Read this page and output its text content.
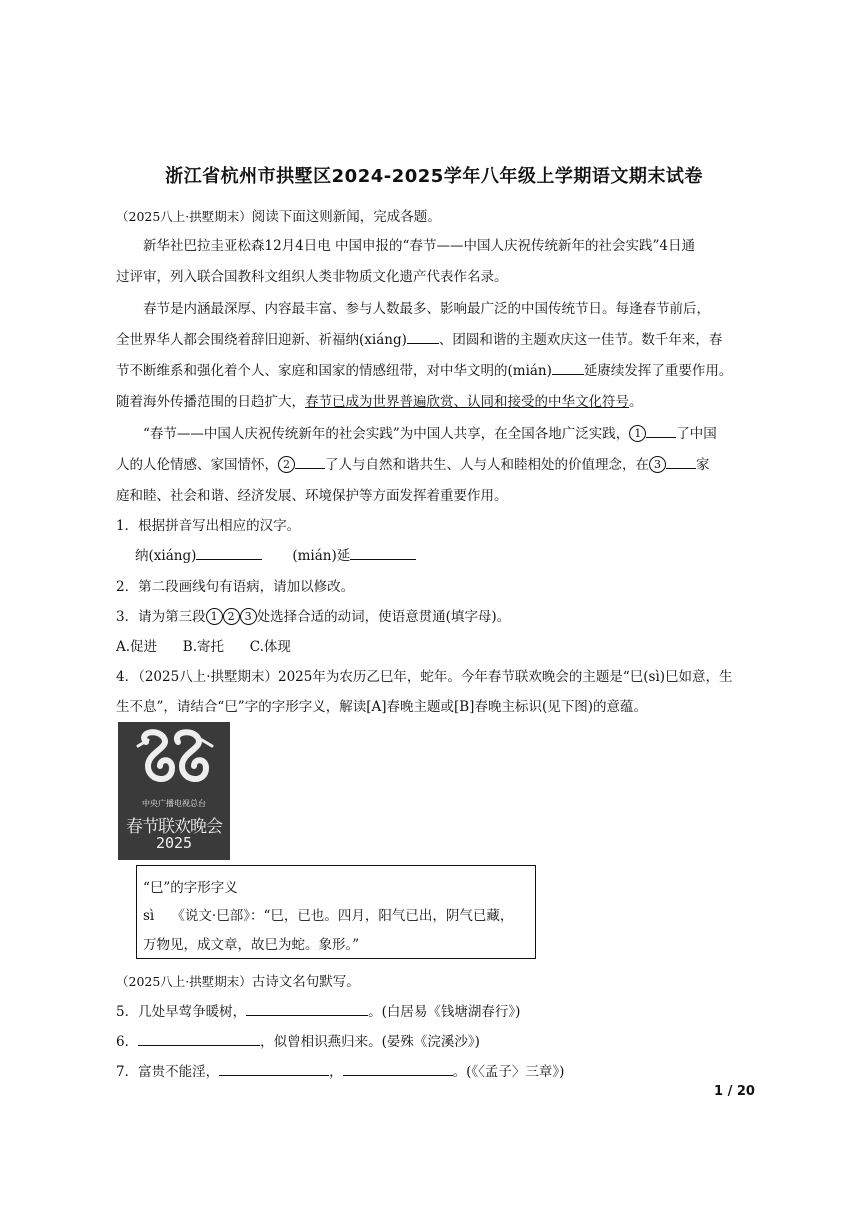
浙江省杭州市拱墅区2024-2025学年八年级上学期语文期末试卷
（2025八上·拱墅期末）阅读下面这则新闻，完成各题。
新华社巴拉圭亚松森12月4日电 中国申报的“春节——中国人庆祝传统新年的社会实践”4日通
过评审，列入联合国教科文组织人类非物质文化遗产代表作名录。
春节是内涵最深厚、内容最丰富、参与人数最多、影响最广泛的中国传统节日。每逢春节前后，
全世界华人都会围绕着辞旧迎新、祈福纳(xiáng) 、团圆和谐的主题欢庆这一佳节。数千年来，春
节不断维系和强化着个人、家庭和国家的情感纽带，对中华文明的(mián) 延赓续发挥了重要作用。
随着海外传播范围的日趋扩大，春节已成为世界普遍欣赏、认同和接受的中华文化符号。
“春节——中国人庆祝传统新年的社会实践”为中国人共享，在全国各地广泛实践， 1	了中国
人的人伦情感、家国情怀， 2	了人与自然和谐共生、人与人和睦相处的价值理念，在 3	家
庭和睦、社会和谐、经济发展、环境保护等方面发挥着重要作用。
1．根据拼音写出相应的汉字。
纳(xiáng)	(mián)延
2．第二段画线句有语病，请加以修改。
3．请为第三段 1 2 3 处选择合适的动词，使语意贯通(填字母)。
A.促进      B.寄托      C.体现
4．（2025八上·拱墅期末）2025年为农历乙巳年，蛇年。今年春节联欢晚会的主题是“巳(sì)巳如意，生
生不息”，请结合“巳”字的字形字义，解读[A]春晚主题或[B]春晚主标识(见下图)的意蕴。
中央广播电视总台
春节联欢晚会
2025
“巳”的字形字义
sì    《说文·巳部》：“巳，已也。四月，阳气已出，阴气已藏，
万物见，成文章，故巳为蛇。象形。”
（2025八上·拱墅期末）古诗文名句默写。
5．几处早莺争暖树，	。(白居易《钱塘湖春行》)
6．	，似曾相识燕归来。(晏殊《浣溪沙》)
7．富贵不能淫，	，	。(《〈孟子〉三章》)
1 / 20
